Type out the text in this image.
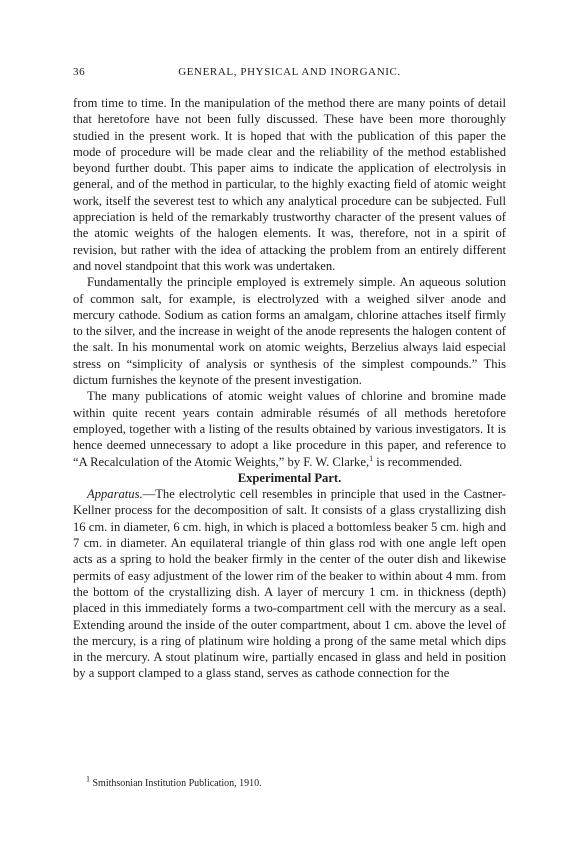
36	GENERAL, PHYSICAL AND INORGANIC.

from time to time. In the manipulation of the method there are many points of detail that heretofore have not been fully discussed. These have been more thoroughly studied in the present work. It is hoped that with the publication of this paper the mode of procedure will be made clear and the reliability of the method established beyond further doubt. This paper aims to indicate the application of electrolysis in general, and of the method in particular, to the highly exacting field of atomic weight work, itself the severest test to which any analytical procedure can be subjected. Full appreciation is held of the remarkably trustworthy character of the present values of the atomic weights of the halogen elements. It was, therefore, not in a spirit of revision, but rather with the idea of attacking the problem from an entirely different and novel standpoint that this work was undertaken.

Fundamentally the principle employed is extremely simple. An aqueous solution of common salt, for example, is electrolyzed with a weighed silver anode and mercury cathode. Sodium as cation forms an amalgam, chlorine attaches itself firmly to the silver, and the increase in weight of the anode represents the halogen content of the salt. In his monumental work on atomic weights, Berzelius always laid especial stress on “simplicity of analysis or synthesis of the simplest compounds.” This dictum furnishes the keynote of the present investigation.

The many publications of atomic weight values of chlorine and bromine made within quite recent years contain admirable résumés of all methods heretofore employed, together with a listing of the results obtained by various investigators. It is hence deemed unnecessary to adopt a like procedure in this paper, and reference to “A Recalculation of the Atomic Weights,” by F. W. Clarke,$^1$ is recommended.

Experimental Part.

Apparatus.—The electrolytic cell resembles in principle that used in the Castner-Kellner process for the decomposition of salt. It consists of a glass crystallizing dish 16 cm. in diameter, 6 cm. high, in which is placed a bottomless beaker 5 cm. high and 7 cm. in diameter. An equilateral triangle of thin glass rod with one angle left open acts as a spring to hold the beaker firmly in the center of the outer dish and likewise permits of easy adjustment of the lower rim of the beaker to within about 4 mm. from the bottom of the crystallizing dish. A layer of mercury 1 cm. in thickness (depth) placed in this immediately forms a two-compartment cell with the mercury as a seal. Extending around the inside of the outer compartment, about 1 cm. above the level of the mercury, is a ring of platinum wire holding a prong of the same metal which dips in the mercury. A stout platinum wire, partially encased in glass and held in position by a support clamped to a glass stand, serves as cathode connection for the

$^1$ Smithsonian Institution Publication, 1910.
